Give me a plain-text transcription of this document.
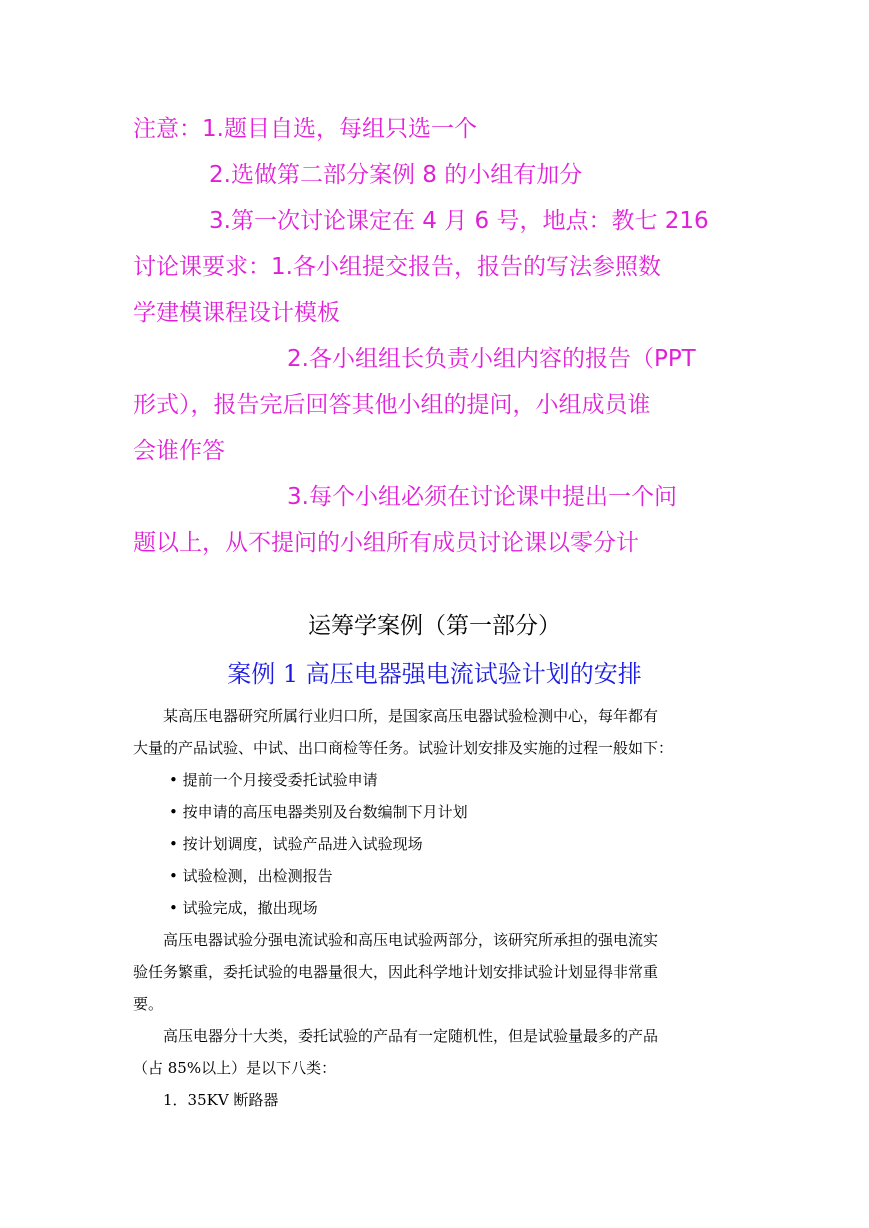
注意：1.题目自选，每组只选一个
2.选做第二部分案例 8 的小组有加分
3.第一次讨论课定在 4 月 6 号，地点：教七 216
讨论课要求：1.各小组提交报告，报告的写法参照数
学建模课程设计模板
2.各小组组长负责小组内容的报告（PPT
形式），报告完后回答其他小组的提问，小组成员谁
会谁作答
3.每个小组必须在讨论课中提出一个问
题以上，从不提问的小组所有成员讨论课以零分计
运筹学案例（第一部分）
案例 1 高压电器强电流试验计划的安排
某高压电器研究所属行业归口所，是国家高压电器试验检测中心，每年都有
大量的产品试验、中试、出口商检等任务。试验计划安排及实施的过程一般如下：
• 提前一个月接受委托试验申请
• 按申请的高压电器类别及台数编制下月计划
• 按计划调度，试验产品进入试验现场
• 试验检测，出检测报告
• 试验完成，撤出现场
高压电器试验分强电流试验和高压电试验两部分，该研究所承担的强电流实
验任务繁重，委托试验的电器量很大，因此科学地计划安排试验计划显得非常重
要。
高压电器分十大类，委托试验的产品有一定随机性，但是试验量最多的产品
（占 85%以上）是以下八类：
1．35KV 断路器
